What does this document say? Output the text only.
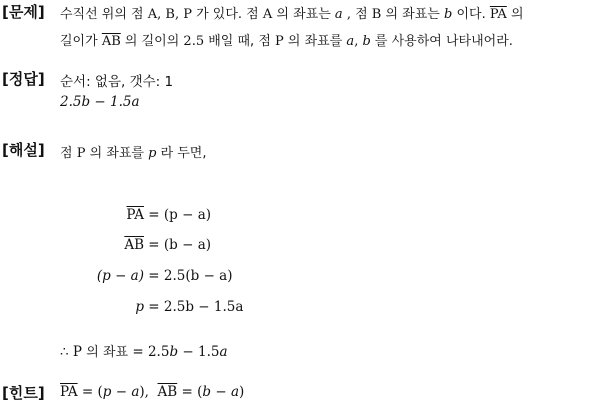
[문제] 수직선 위의 점 A, B, P 가 있다. 점 A 의 좌표는 a , 점 B 의 좌표는 b 이다. $\overline{PA}$ 의
길이가 $\overline{AB}$ 의 길이의 2.5 배일 때, 점 P 의 좌표를 a, b 를 사용하여 나타내어라.
[정답] 순서: 없음, 갯수: 1
2.5b − 1.5a
[해설] 점 P 의 좌표를 p 라 두면,
$\overline{PA} = (p - a)$
$\overline{AB} = (b - a)$
(p − a) = 2.5(b − a)
p = 2.5b − 1.5a
∴ P 의 좌표 = 2.5b − 1.5a
[힌트] $\overline{PA} = (p - a)$,  $\overline{AB} = (b - a)$
